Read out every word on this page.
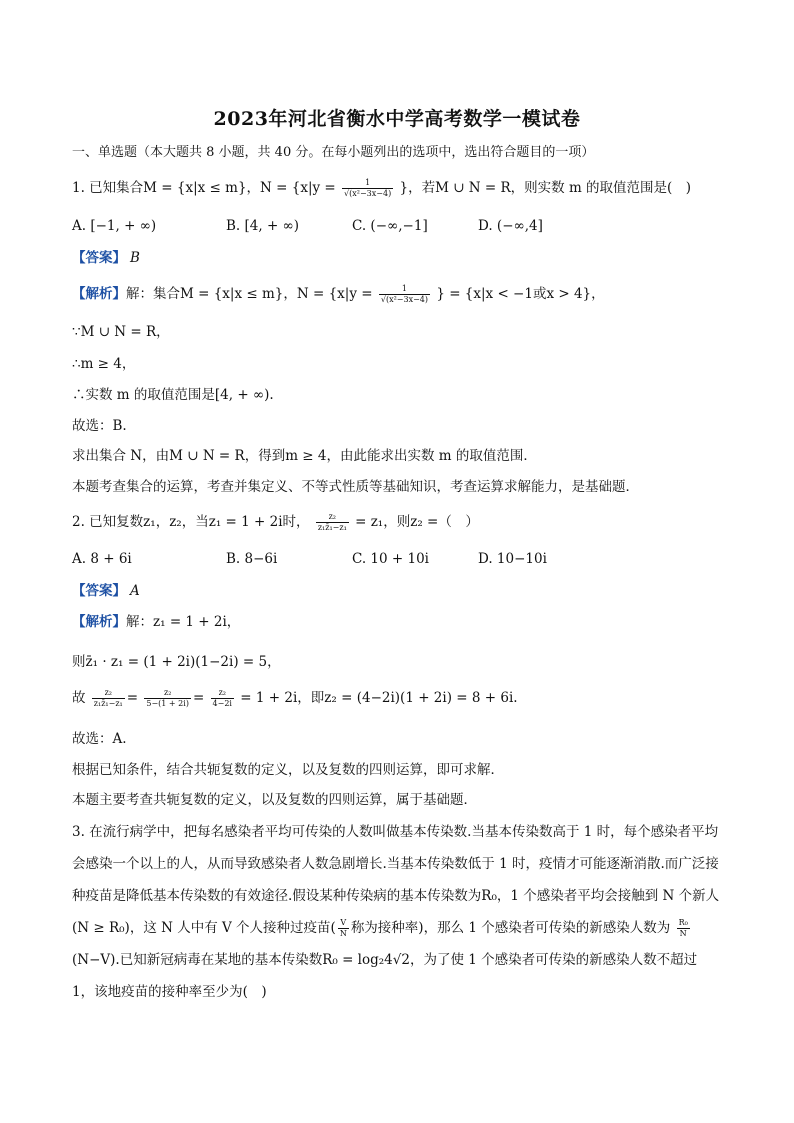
2023年河北省衡水中学高考数学一模试卷
一、单选题（本大题共 8 小题，共 40 分。在每小题列出的选项中，选出符合题目的一项）
1. 已知集合M = {x|x ≤ m}，$N = \{x|y = \frac{1}{\text{√(x²−3x−4)}}$ }，若M ∪ N = R，则实数 m 的取值范围是(　)
A. [−1, + ∞)	B. [4, + ∞)	C. (−∞,−1]	D. (−∞,4]
【答案】 B
【解析】解：集合M = {x|x ≤ m}，$N = \{x|y = \frac{1}{\text{√(x²−3x−4)}}$ } = {x|x < −1或x > 4}，
∵M ∪ N = R，
∴m ≥ 4，
∴实数 m 的取值范围是[4, + ∞).
故选：B.
求出集合 N，由M ∪ N = R，得到m ≥ 4，由此能求出实数 m 的取值范围．
本题考查集合的运算，考查并集定义、不等式性质等基础知识，考查运算求解能力，是基础题．
2. 已知复数z₁，z₂，当z₁ = 1 + 2i时， $\frac{\text{z₂}}{\text{z₁z̄₁−z₁}} = z_1$，则z₂ =（　）
A. 8 + 6i	B. 8−6i	C. 10 + 10i	D. 10−10i
【答案】 A
【解析】解：z₁ = 1 + 2i，
则z̄₁ · z₁ = (1 + 2i)(1−2i) = 5，
故 $\frac{\text{z₂}}{\text{z₁z̄₁−z₁}} = \frac{\text{z₂}}{5-(1 + 2i)} = \frac{\text{z₂}}{4-2i} = 1 + 2i$，即z₂ = (4−2i)(1 + 2i) = 8 + 6i.
故选：A.
根据已知条件，结合共轭复数的定义，以及复数的四则运算，即可求解．
本题主要考查共轭复数的定义，以及复数的四则运算，属于基础题．
3. 在流行病学中，把每名感染者平均可传染的人数叫做基本传染数.当基本传染数高于 1 时，每个感染者平均会感染一个以上的人，从而导致感染者人数急剧增长.当基本传染数低于 1 时，疫情才可能逐渐消散.而广泛接种疫苗是降低基本传染数的有效途径.假设某种传染病的基本传染数为R₀，1 个感染者平均会接触到 N 个新人(N ≥ R₀)，这 N 人中有 V 个人接种过疫苗( $\frac{V}{N}$ 称为接种率)，那么 1 个感染者可传染的新感染人数为 $\frac{\text{R₀}}{N}$
(N−V).已知新冠病毒在某地的基本传染数R₀ = log₂4√2，为了使 1 个感染者可传染的新感染人数不超过 1，该地疫苗的接种率至少为(　)
